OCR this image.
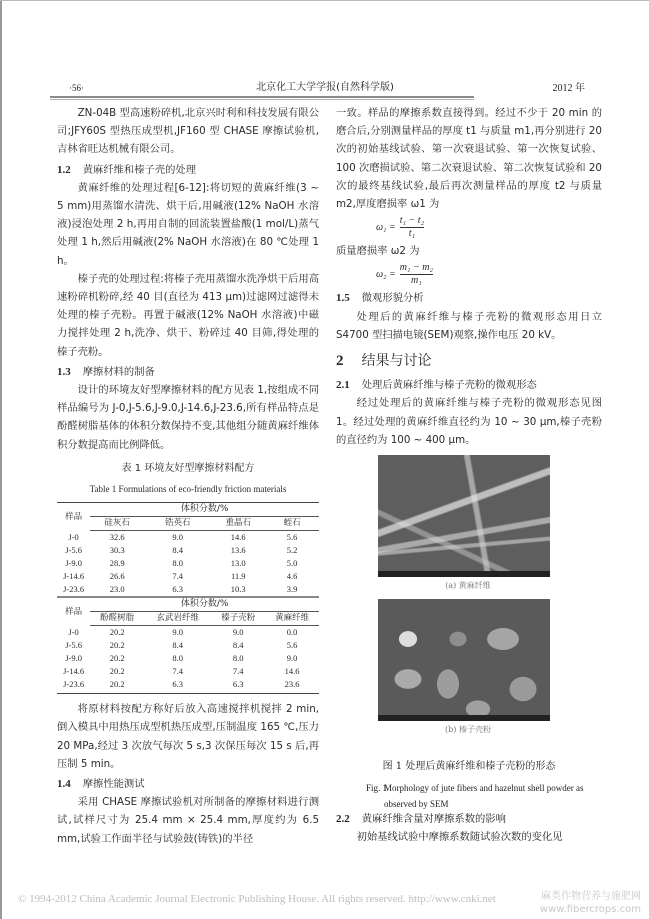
·56·	北京化工大学学报(自然科学版)	2012 年

ZN-04B 型高速粉碎机,北京兴时利和科技发展有限公司;JFY60S 型热压成型机,JF160 型 CHASE 摩擦试验机,吉林省旺达机械有限公司。

1.2 黄麻纤维和榛子壳的处理

黄麻纤维的处理过程[6-12]:将切短的黄麻纤维(3 ~ 5 mm)用蒸馏水清洗、烘干后,用碱液(12% NaOH 水溶液)浸泡处理 2 h,再用自制的回流装置盐酸(1 mol/L)蒸气处理 1 h,然后用碱液(2% NaOH 水溶液)在 80 ℃处理 1 h。

榛子壳的处理过程:将榛子壳用蒸馏水洗净烘干后用高速粉碎机粉碎,经 40 目(直径为 413 μm)过滤网过滤得未处理的榛子壳粉。再置于碱液(12% NaOH 水溶液)中磁力搅拌处理 2 h,洗净、烘干、粉碎过 40 目筛,得处理的榛子壳粉。

1.3 摩擦材料的制备

设计的环境友好型摩擦材料的配方见表 1,按组成不同样品编号为 J-0,J-5.6,J-9.0,J-14.6,J-23.6,所有样品特点是酚醛树脂基体的体积分数保持不变,其他组分随黄麻纤维体积分数提高而比例降低。

表 1 环境友好型摩擦材料配方
Table 1 Formulations of eco-friendly friction materials
样品	体积分数/%			
	硅灰石	锆英石	重晶石	蛭石
J-0	32.6	9.0	14.6	5.6
J-5.6	30.3	8.4	13.6	5.2
J-9.0	28.9	8.0	13.0	5.0
J-14.6	26.6	7.4	11.9	4.6
J-23.6	23.0	6.3	10.3	3.9
样品	体积分数/%			
	酚醛树脂	玄武岩纤维	榛子壳粉	黄麻纤维
J-0	20.2	9.0	9.0	0.0
J-5.6	20.2	8.4	8.4	5.6
J-9.0	20.2	8.0	8.0	9.0
J-14.6	20.2	7.4	7.4	14.6
J-23.6	20.2	6.3	6.3	23.6

将原材料按配方称好后放入高速搅拌机搅拌 2 min,倒入模具中用热压成型机热压成型,压制温度 165 ℃,压力 20 MPa,经过 3 次放气每次 5 s,3 次保压每次 15 s 后,再压制 5 min。

1.4 摩擦性能测试

采用 CHASE 摩擦试验机对所制备的摩擦材料进行测试,试样尺寸为 25.4 mm × 25.4 mm,厚度约为 6.5 mm,试验工作面半径与试验鼓(铸铁)的半径

一致。样品的摩擦系数直接得到。经过不少于 20 min 的磨合后,分别测量样品的厚度 t1 与质量 m1,再分别进行 20 次的初始基线试验、第一次衰退试验、第一次恢复试验、100 次磨损试验、第二次衰退试验、第二次恢复试验和 20 次的最终基线试验,最后再次测量样品的厚度 t2 与质量 m2,厚度磨损率 ω1 为

$\omega_1 = \frac{\text{t₁ − t₂}}{\text{t₁}}$

质量磨损率 ω2 为

$\omega_2 = \frac{\text{m₁ − m₂}}{\text{m₁}}$
1.5 微观形貌分析

处理后的黄麻纤维与榛子壳粉的微观形态用日立 S4700 型扫描电镜(SEM)观察,操作电压 20 kV。

2 结果与讨论
2.1 处理后黄麻纤维与榛子壳粉的微观形态

经过处理后的黄麻纤维与榛子壳粉的微观形态见图 1。经过处理的黄麻纤维直径约为 10 ~ 30 μm,榛子壳粉的直径约为 100 ~ 400 μm。

(a) 黄麻纤维
(b) 榛子壳粉
图 1 处理后黄麻纤维和榛子壳粉的形态
Fig. 1
Morphology of jute fibers and hazelnut shell powder as observed by SEM
2.2 黄麻纤维含量对摩擦系数的影响

初始基线试验中摩擦系数随试验次数的变化见

© 1994-2012 China Academic Journal Electronic Publishing House. All rights reserved. http://www.cnki.net	麻类作物营养与施肥网
www.fibercrops.com
